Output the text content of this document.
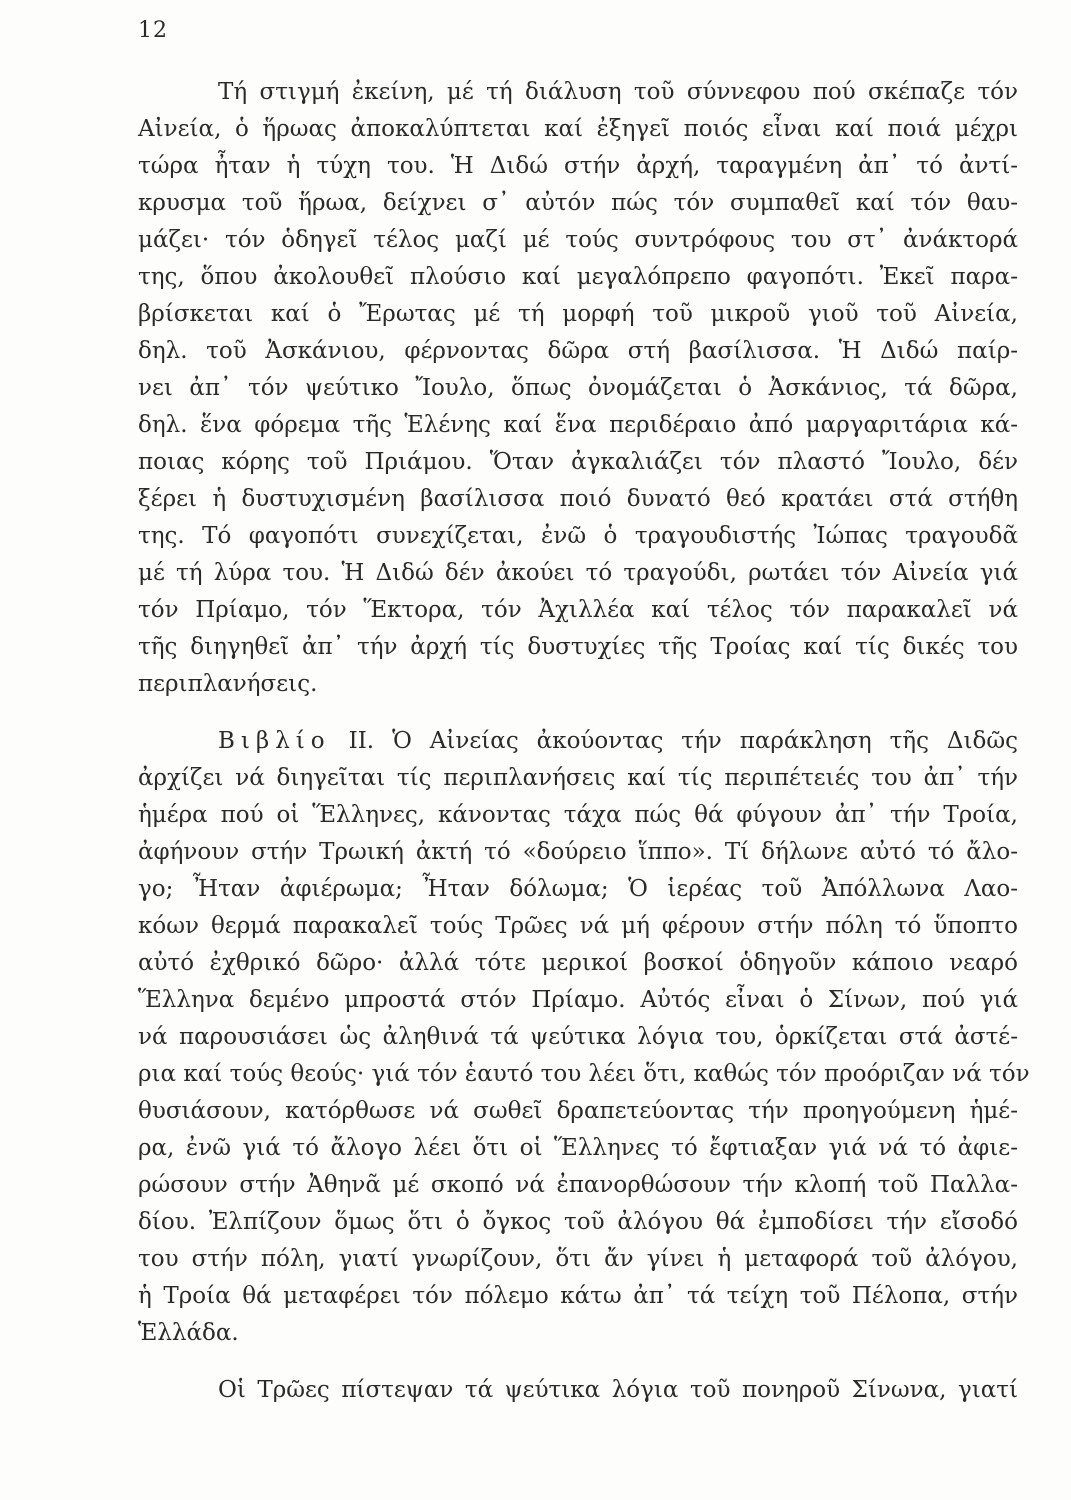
12
Τή στιγμή ἐκείνη, μέ τή διάλυση τοῦ σύννεφου πού σκέπαζε τόν
Αἰνεία, ὁ ἥρωας ἀποκαλύπτεται καί ἐξηγεῖ ποιός εἶναι καί ποιά μέχρι
τώρα ἦταν ἡ τύχη του. Ἡ Διδώ στήν ἀρχή, ταραγμένη ἀπ᾽ τό ἀντί-
κρυσμα τοῦ ἥρωα, δείχνει σ᾽ αὐτόν πώς τόν συμπαθεῖ καί τόν θαυ-
μάζει· τόν ὁδηγεῖ τέλος μαζί μέ τούς συντρόφους του στ᾽ ἀνάκτορά
της, ὅπου ἀκολουθεῖ πλούσιο καί μεγαλόπρεπο φαγοπότι. Ἐκεῖ παρα-
βρίσκεται καί ὁ Ἔρωτας μέ τή μορφή τοῦ μικροῦ γιοῦ τοῦ Αἰνεία,
δηλ. τοῦ Ἀσκάνιου, φέρνοντας δῶρα στή βασίλισσα. Ἡ Διδώ παίρ-
νει ἀπ᾽ τόν ψεύτικο Ἴουλο, ὅπως ὀνομάζεται ὁ Ἀσκάνιος, τά δῶρα,
δηλ. ἕνα φόρεμα τῆς Ἑλένης καί ἕνα περιδέραιο ἀπό μαργαριτάρια κά-
ποιας κόρης τοῦ Πριάμου. Ὅταν ἀγκαλιάζει τόν πλαστό Ἴουλο, δέν
ξέρει ἡ δυστυχισμένη βασίλισσα ποιό δυνατό θεό κρατάει στά στήθη
της. Τό φαγοπότι συνεχίζεται, ἐνῶ ὁ τραγουδιστής Ἰώπας τραγουδᾶ
μέ τή λύρα του. Ἡ Διδώ δέν ἀκούει τό τραγούδι, ρωτάει τόν Αἰνεία γιά
τόν Πρίαμο, τόν Ἕκτορα, τόν Ἀχιλλέα καί τέλος τόν παρακαλεῖ νά
τῆς διηγηθεῖ ἀπ᾽ τήν ἀρχή τίς δυστυχίες τῆς Τροίας καί τίς δικές του
περιπλανήσεις.
Βιβλίο II. Ὁ Αἰνείας ἀκούοντας τήν παράκληση τῆς Διδῶς
ἀρχίζει νά διηγεῖται τίς περιπλανήσεις καί τίς περιπέτειές του ἀπ᾽ τήν
ἡμέρα πού οἱ Ἕλληνες, κάνοντας τάχα πώς θά φύγουν ἀπ᾽ τήν Τροία,
ἀφήνουν στήν Τρωική ἀκτή τό «δούρειο ἵππο». Τί δήλωνε αὐτό τό ἄλο-
γο; Ἦταν ἀφιέρωμα; Ἦταν δόλωμα; Ὁ ἱερέας τοῦ Ἀπόλλωνα Λαο-
κόων θερμά παρακαλεῖ τούς Τρῶες νά μή φέρουν στήν πόλη τό ὕποπτο
αὐτό ἐχθρικό δῶρο· ἀλλά τότε μερικοί βοσκοί ὁδηγοῦν κάποιο νεαρό
Ἕλληνα δεμένο μπροστά στόν Πρίαμο. Αὐτός εἶναι ὁ Σίνων, πού γιά
νά παρουσιάσει ὡς ἀληθινά τά ψεύτικα λόγια του, ὁρκίζεται στά ἀστέ-
ρια καί τούς θεούς· γιά τόν ἑαυτό του λέει ὅτι, καθώς τόν προόριζαν νά τόν
θυσιάσουν, κατόρθωσε νά σωθεῖ δραπετεύοντας τήν προηγούμενη ἡμέ-
ρα, ἐνῶ γιά τό ἄλογο λέει ὅτι οἱ Ἕλληνες τό ἔφτιαξαν γιά νά τό ἀφιε-
ρώσουν στήν Ἀθηνᾶ μέ σκοπό νά ἐπανορθώσουν τήν κλοπή τοῦ Παλλα-
δίου. Ἐλπίζουν ὅμως ὅτι ὁ ὄγκος τοῦ ἀλόγου θά ἐμποδίσει τήν εἴσοδό
του στήν πόλη, γιατί γνωρίζουν, ὅτι ἄν γίνει ἡ μεταφορά τοῦ ἀλόγου,
ἡ Τροία θά μεταφέρει τόν πόλεμο κάτω ἀπ᾽ τά τείχη τοῦ Πέλοπα, στήν
Ἑλλάδα.
Οἱ Τρῶες πίστεψαν τά ψεύτικα λόγια τοῦ πονηροῦ Σίνωνα, γιατί
